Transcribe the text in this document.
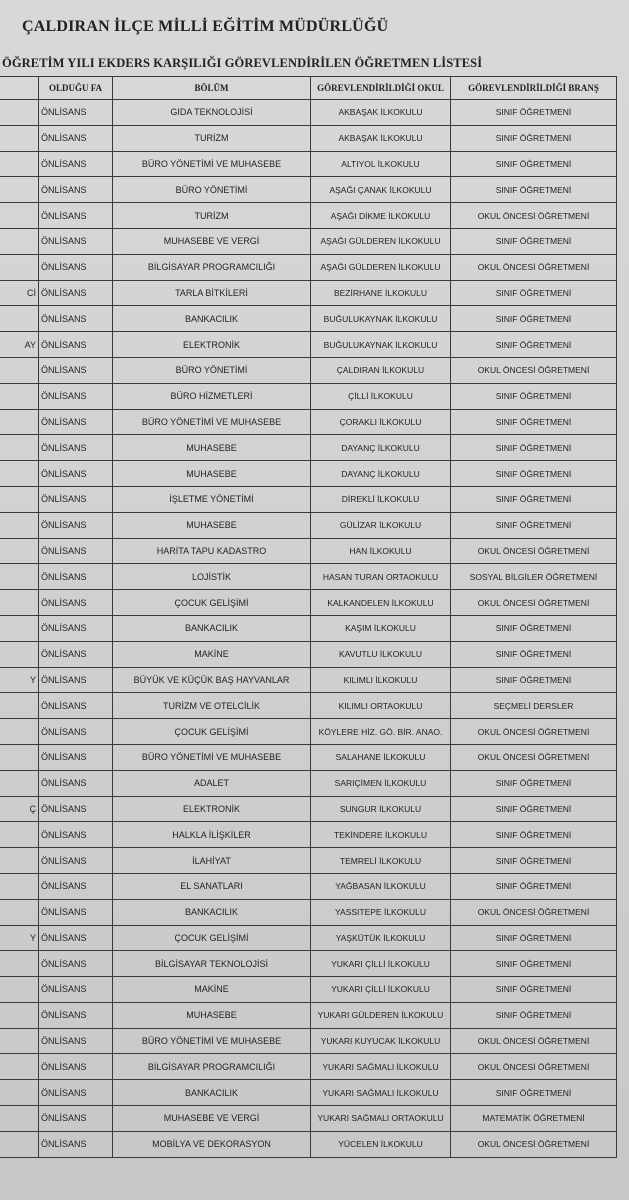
ÇALDIRAN İLÇE MİLLİ EĞİTİM MÜDÜRLÜĞÜ
ÖĞRETİM YILI EKDERS KARŞILIĞI GÖREVLENDİRİLEN ÖĞRETMEN LİSTESİ
	OLDUĞU FA	BÖLÜM	GÖREVLENDİRİLDİĞİ OKUL	GÖREVLENDİRİLDİĞİ BRANŞ
	ÖNLİSANS	GIDA TEKNOLOJİSİ	AKBAŞAK İLKOKULU	SINIF ÖĞRETMENİ
	ÖNLİSANS	TURİZM	AKBAŞAK İLKOKULU	SINIF ÖĞRETMENİ
	ÖNLİSANS	BÜRO YÖNETİMİ VE MUHASEBE	ALTIYOL İLKOKULU	SINIF ÖĞRETMENİ
	ÖNLİSANS	BÜRO YÖNETİMİ	AŞAĞI ÇANAK İLKOKULU	SINIF ÖĞRETMENİ
	ÖNLİSANS	TURİZM	AŞAĞI DİKME İLKOKULU	OKUL ÖNCESİ ÖĞRETMENİ
	ÖNLİSANS	MUHASEBE VE VERGİ	AŞAĞI GÜLDEREN İLKOKULU	SINIF ÖĞRETMENİ
	ÖNLİSANS	BİLGİSAYAR PROGRAMCILIĞI	AŞAĞI GÜLDEREN İLKOKULU	OKUL ÖNCESİ ÖĞRETMENİ
Cİ	ÖNLİSANS	TARLA BİTKİLERİ	BEZİRHANE İLKOKULU	SINIF ÖĞRETMENİ
	ÖNLİSANS	BANKACILIK	BUĞULUKAYNAK İLKOKULU	SINIF ÖĞRETMENİ
AY	ÖNLİSANS	ELEKTRONİK	BUĞULUKAYNAK İLKOKULU	SINIF ÖĞRETMENİ
	ÖNLİSANS	BÜRO YÖNETİMİ	ÇALDIRAN İLKOKULU	OKUL ÖNCESİ ÖĞRETMENİ
	ÖNLİSANS	BÜRO HİZMETLERİ	ÇİLLİ İLKOKULU	SINIF ÖĞRETMENİ
	ÖNLİSANS	BÜRO YÖNETİMİ VE MUHASEBE	ÇORAKLI İLKOKULU	SINIF ÖĞRETMENİ
	ÖNLİSANS	MUHASEBE	DAYANÇ İLKOKULU	SINIF ÖĞRETMENİ
	ÖNLİSANS	MUHASEBE	DAYANÇ İLKOKULU	SINIF ÖĞRETMENİ
	ÖNLİSANS	İŞLETME YÖNETİMİ	DİREKLİ İLKOKULU	SINIF ÖĞRETMENİ
	ÖNLİSANS	MUHASEBE	GÜLİZAR İLKOKULU	SINIF ÖĞRETMENİ
	ÖNLİSANS	HARİTA TAPU KADASTRO	HAN İLKOKULU	OKUL ÖNCESİ ÖĞRETMENİ
	ÖNLİSANS	LOJİSTİK	HASAN TURAN ORTAOKULU	SOSYAL BİLGİLER ÖĞRETMENİ
	ÖNLİSANS	ÇOCUK GELİŞİMİ	KALKANDELEN İLKOKULU	OKUL ÖNCESİ ÖĞRETMENİ
	ÖNLİSANS	BANKACILIK	KAŞIM İLKOKULU	SINIF ÖĞRETMENİ
	ÖNLİSANS	MAKİNE	KAVUTLU İLKOKULU	SINIF ÖĞRETMENİ
Y	ÖNLİSANS	BÜYÜK VE KÜÇÜK BAŞ HAYVANLAR	KILIMLI İLKOKULU	SINIF ÖĞRETMENİ
	ÖNLİSANS	TURİZM VE OTELCİLİK	KILIMLI ORTAOKULU	SEÇMELİ DERSLER
	ÖNLİSANS	ÇOCUK GELİŞİMİ	KÖYLERE HİZ. GÖ. BİR. ANAO.	OKUL ÖNCESİ ÖĞRETMENİ
	ÖNLİSANS	BÜRO YÖNETİMİ VE MUHASEBE	SALAHANE İLKOKULU	OKUL ÖNCESİ ÖĞRETMENİ
	ÖNLİSANS	ADALET	SARIÇİMEN İLKOKULU	SINIF ÖĞRETMENİ
Ç	ÖNLİSANS	ELEKTRONİK	SUNGUR İLKOKULU	SINIF ÖĞRETMENİ
	ÖNLİSANS	HALKLA İLİŞKİLER	TEKİNDERE İLKOKULU	SINIF ÖĞRETMENİ
	ÖNLİSANS	İLAHİYAT	TEMRELİ İLKOKULU	SINIF ÖĞRETMENİ
	ÖNLİSANS	EL SANATLARI	YAĞBASAN İLKOKULU	SINIF ÖĞRETMENİ
	ÖNLİSANS	BANKACILIK	YASSITEPE İLKOKULU	OKUL ÖNCESİ ÖĞRETMENİ
Y	ÖNLİSANS	ÇOCUK GELİŞİMİ	YAŞKÜTÜK İLKOKULU	SINIF ÖĞRETMENİ
	ÖNLİSANS	BİLGİSAYAR TEKNOLOJİSİ	YUKARI ÇİLLİ İLKOKULU	SINIF ÖĞRETMENİ
	ÖNLİSANS	MAKİNE	YUKARI ÇİLLİ İLKOKULU	SINIF ÖĞRETMENİ
	ÖNLİSANS	MUHASEBE	YUKARI GÜLDEREN İLKOKULU	SINIF ÖĞRETMENİ
	ÖNLİSANS	BÜRO YÖNETİMİ VE MUHASEBE	YUKARI KUYUCAK İLKOKULU	OKUL ÖNCESİ ÖĞRETMENİ
	ÖNLİSANS	BİLGİSAYAR PROGRAMCILIĞI	YUKARI SAĞMALI İLKOKULU	OKUL ÖNCESİ ÖĞRETMENİ
	ÖNLİSANS	BANKACILIK	YUKARI SAĞMALI İLKOKULU	SINIF ÖĞRETMENİ
	ÖNLİSANS	MUHASEBE VE VERGİ	YUKARI SAĞMALI ORTAOKULU	MATEMATİK ÖĞRETMENİ
	ÖNLİSANS	MOBİLYA VE DEKORASYON	YÜCELEN İLKOKULU	OKUL ÖNCESİ ÖĞRETMENİ
